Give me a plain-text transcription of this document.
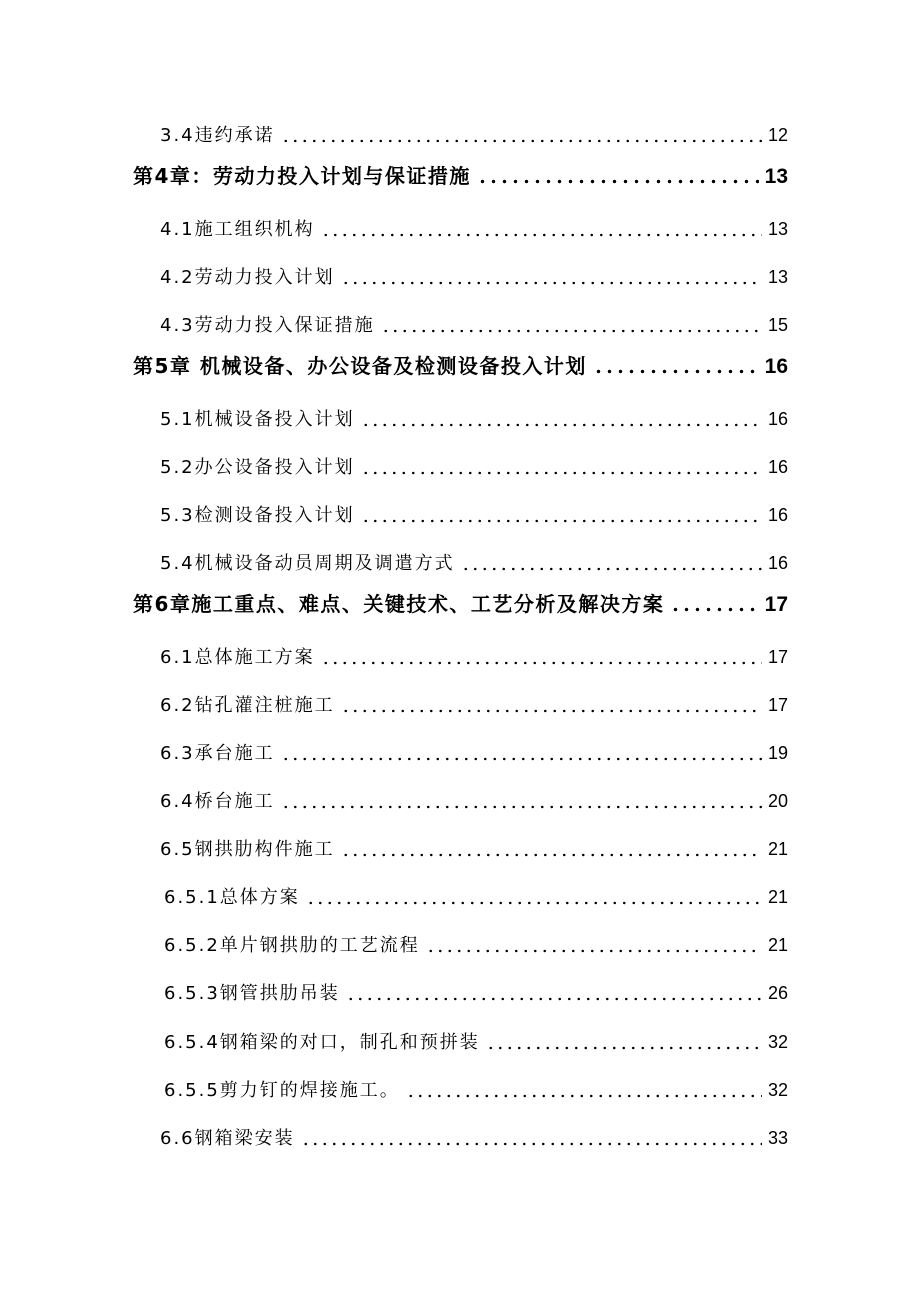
3.4违约承诺	12
第4章：劳动力投入计划与保证措施	13
4.1施工组织机构	13
4.2劳动力投入计划	13
4.3劳动力投入保证措施	15
第5章 机械设备、办公设备及检测设备投入计划	16
5.1机械设备投入计划	16
5.2办公设备投入计划	16
5.3检测设备投入计划	16
5.4机械设备动员周期及调遣方式	16
第6章施工重点、难点、关键技术、工艺分析及解决方案	17
6.1总体施工方案	17
6.2钻孔灌注桩施工	17
6.3承台施工	19
6.4桥台施工	20
6.5钢拱肋构件施工	21
6.5.1总体方案	21
6.5.2单片钢拱肋的工艺流程	21
6.5.3钢管拱肋吊装	26
6.5.4钢箱梁的对口，制孔和预拼装	32
6.5.5剪力钉的焊接施工。	32
6.6钢箱梁安装	33
